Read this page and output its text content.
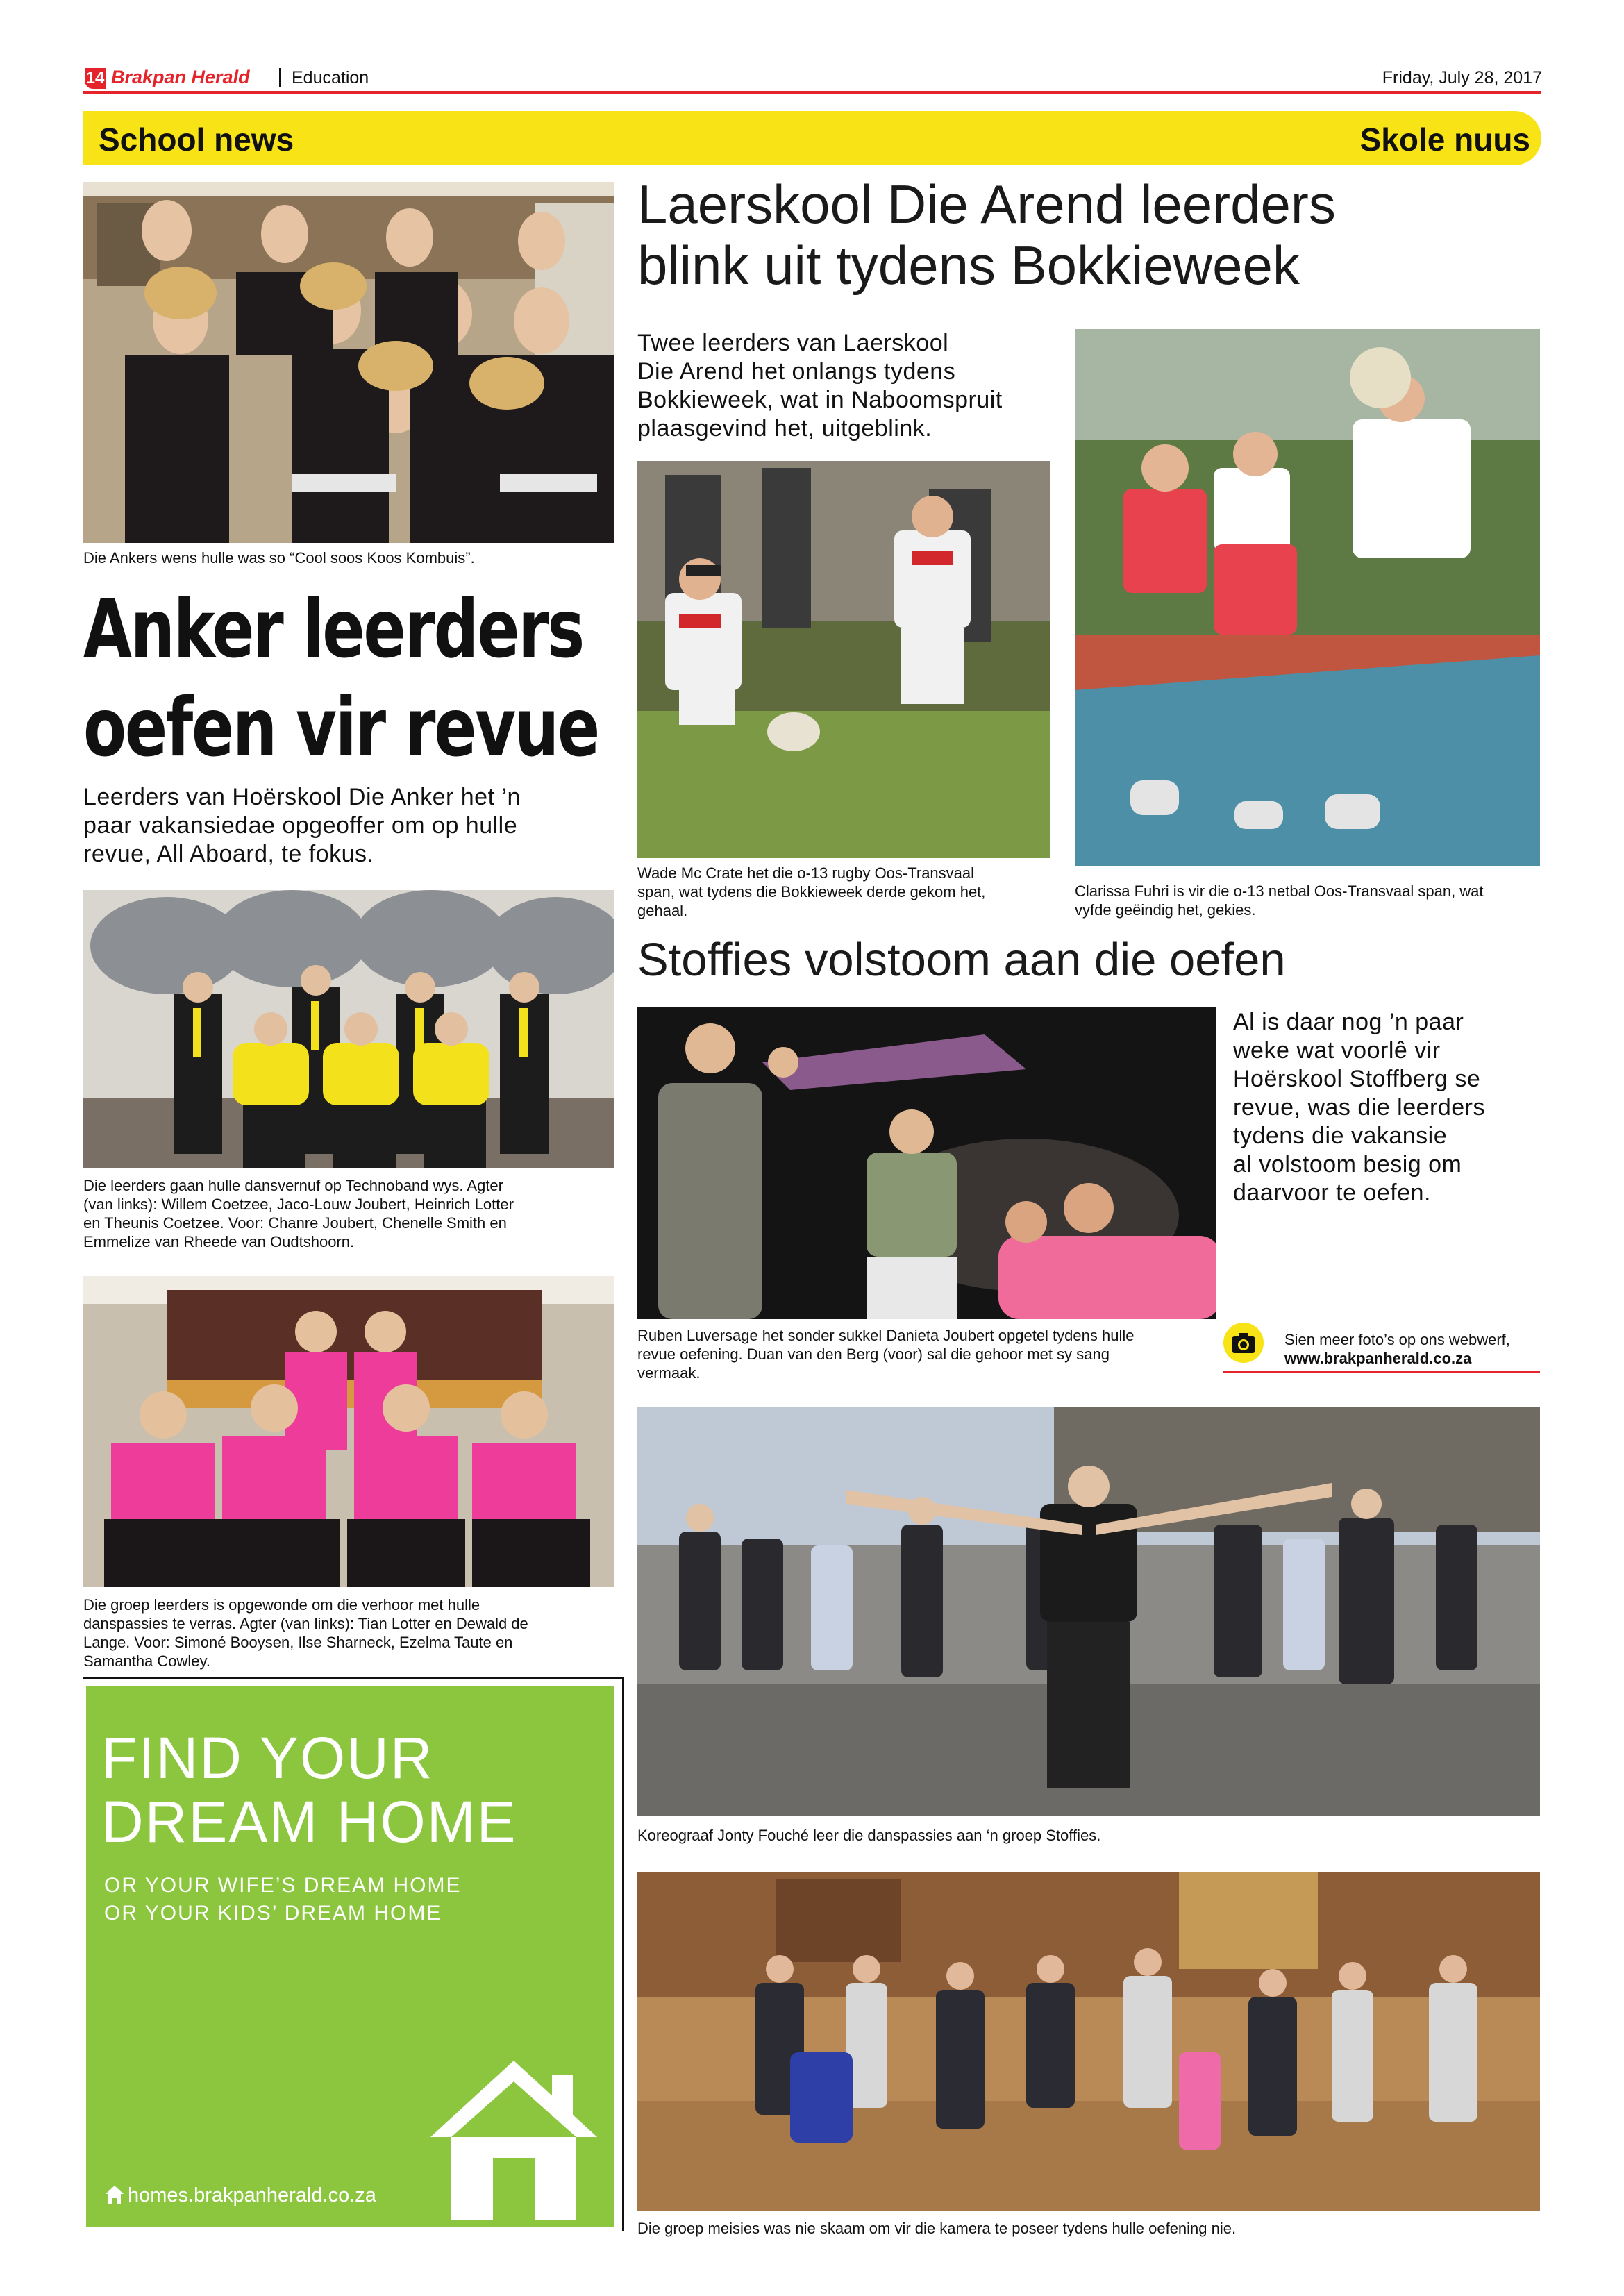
14 Brakpan Herald Education	Friday, July 28, 2017
School news	Skole nuus
Die Ankers wens hulle was so “Cool soos Koos Kombuis”.
Anker leerders
oefen vir revue
Leerders van Hoërskool Die Anker het ’n
paar vakansiedae opgeoffer om op hulle
revue, All Aboard, te fokus.
Die leerders gaan hulle dansvernuf op Technoband wys. Agter
(van links): Willem Coetzee, Jaco-Louw Joubert, Heinrich Lotter
en Theunis Coetzee. Voor: Chanre Joubert, Chenelle Smith en
Emmelize van Rheede van Oudtshoorn.
Die groep leerders is opgewonde om die verhoor met hulle
danspassies te verras. Agter (van links): Tian Lotter en Dewald de
Lange. Voor: Simoné Booysen, Ilse Sharneck, Ezelma Taute en
Samantha Cowley.
FIND YOUR
DREAM HOME
OR YOUR WIFE’S DREAM HOME
OR YOUR KIDS’ DREAM HOME
homes.brakpanherald.co.za
Laerskool Die Arend leerders
blink uit tydens Bokkieweek
Twee leerders van Laerskool
Die Arend het onlangs tydens
Bokkieweek, wat in Naboomspruit
plaasgevind het, uitgeblink.
Wade Mc Crate het die o-13 rugby Oos-Transvaal
span, wat tydens die Bokkieweek derde gekom het,
gehaal.
Clarissa Fuhri is vir die o-13 netbal Oos-Transvaal span, wat
vyfde geëindig het, gekies.
Stoffies volstoom aan die oefen
Al is daar nog ’n paar
weke wat voorlê vir
Hoërskool Stoffberg se
revue, was die leerders
tydens die vakansie
al volstoom besig om
daarvoor te oefen.
Ruben Luversage het sonder sukkel Danieta Joubert opgetel tydens hulle
revue oefening. Duan van den Berg (voor) sal die gehoor met sy sang
vermaak.
Sien meer foto’s op ons webwerf,
www.brakpanherald.co.za
Koreograaf Jonty Fouché leer die danspassies aan ‘n groep Stoffies.
Die groep meisies was nie skaam om vir die kamera te poseer tydens hulle oefening nie.
